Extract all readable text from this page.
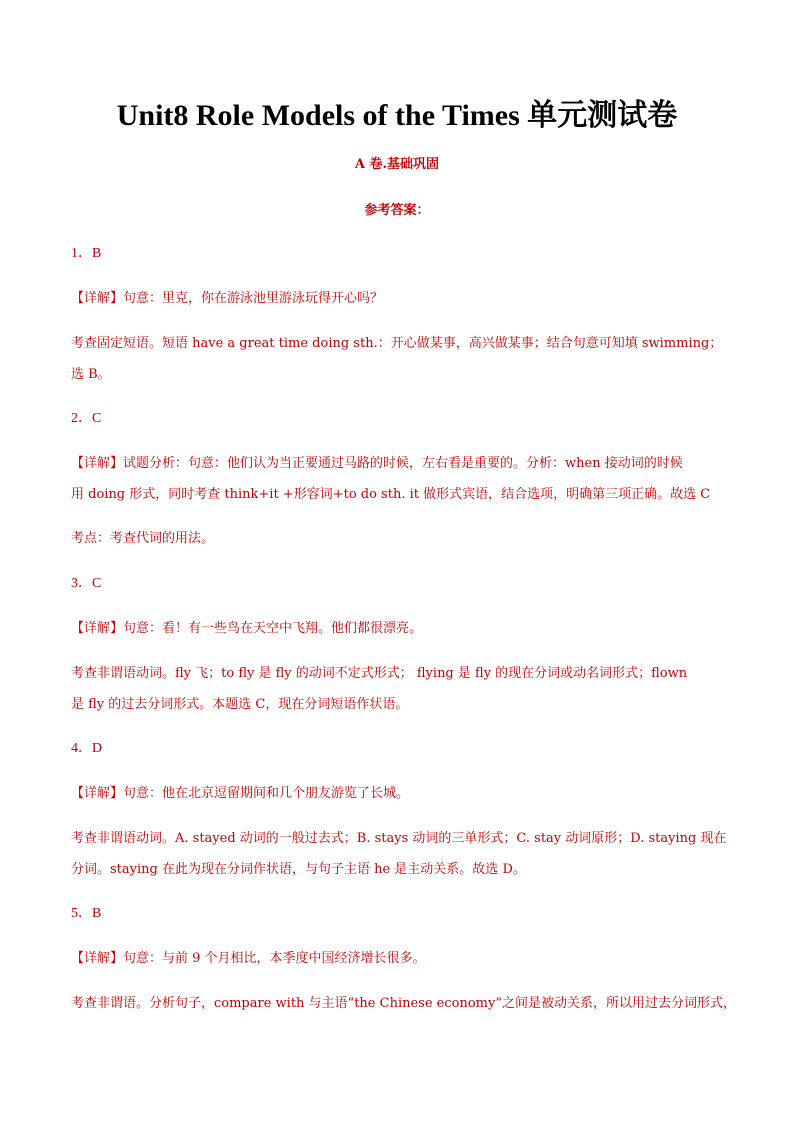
Unit8 Role Models of the Times 单元测试卷
A 卷.基础巩固
参考答案：
1．B
【详解】句意：里克，你在游泳池里游泳玩得开心吗？
考查固定短语。短语 have a great time doing sth.：开心做某事，高兴做某事；结合句意可知填 swimming；
选 B。
2．C
【详解】试题分析：句意：他们认为当正要通过马路的时候，左右看是重要的。分析：when 接动词的时候
用 doing 形式，同时考查 think+it +形容词+to do sth. it 做形式宾语，结合选项，明确第三项正确。故选 C
考点：考查代词的用法。
3．C
【详解】句意：看！有一些鸟在天空中飞翔。他们都很漂亮。
考查非谓语动词。fly 飞；to fly 是 fly 的动词不定式形式； flying 是 fly 的现在分词或动名词形式；flown
是 fly 的过去分词形式。本题选 C，现在分词短语作状语。
4．D
【详解】句意：他在北京逗留期间和几个朋友游览了长城。
考查非谓语动词。A. stayed 动词的一般过去式；B. stays 动词的三单形式；C. stay 动词原形；D. staying 现在
分词。staying 在此为现在分词作状语，与句子主语 he 是主动关系。故选 D。
5．B
【详解】句意：与前 9 个月相比，本季度中国经济增长很多。
考查非谓语。分析句子，compare with 与主语“the Chinese economy”之间是被动关系，所以用过去分词形式，
